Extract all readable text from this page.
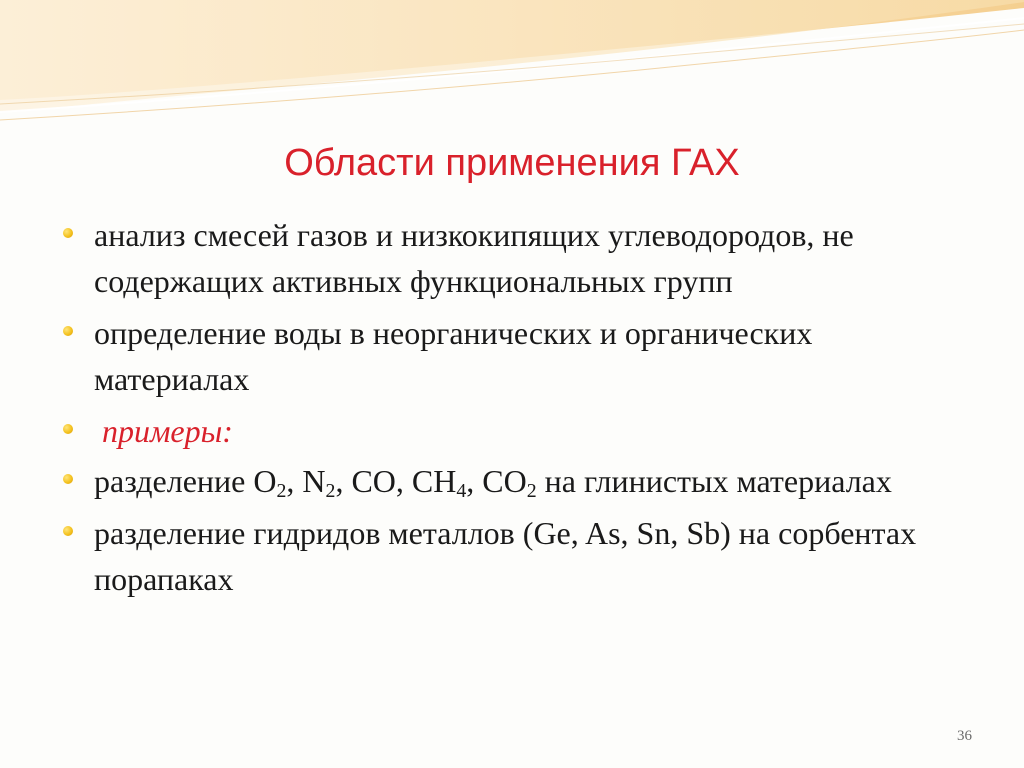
Области применения ГАХ
анализ смесей газов и низкокипящих углеводородов, не содержащих активных функциональных групп
определение воды в неорганических и органических материалах
примеры:
разделение $O_2$, $N_2$, CO, $CH_4$, $CO_2$ на глинистых материалах
разделение гидридов металлов (Ge, As, Sn, Sb) на сорбентах порапаках
36
